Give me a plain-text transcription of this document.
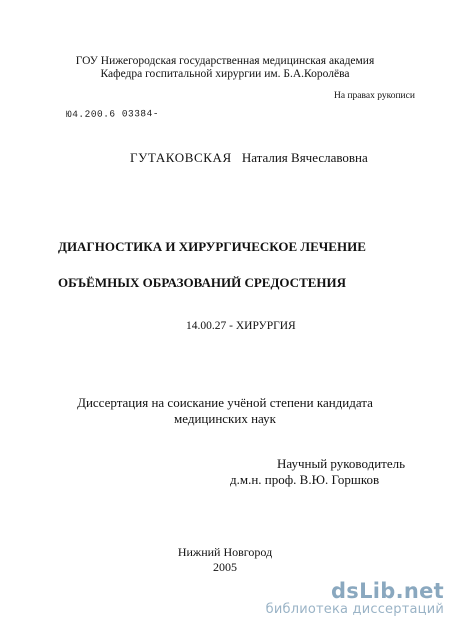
ГОУ Нижегородская государственная медицинская академия
Кафедра госпитальной хирургии им. Б.А.Королёва
На правах рукописи
Ю4.200.6 03384-
ГУТАКОВСКАЯ Наталия Вячеславовна
ДИАГНОСТИКА И ХИРУРГИЧЕСКОЕ ЛЕЧЕНИЕ
ОБЪЁМНЫХ ОБРАЗОВАНИЙ СРЕДОСТЕНИЯ
14.00.27 - ХИРУРГИЯ
Диссертация на соискание учёной степени кандидата
медицинских наук
Научный руководитель
д.м.н. проф. В.Ю. Горшков
Нижний Новгород
2005
dsLib.net
библиотека диссертаций
